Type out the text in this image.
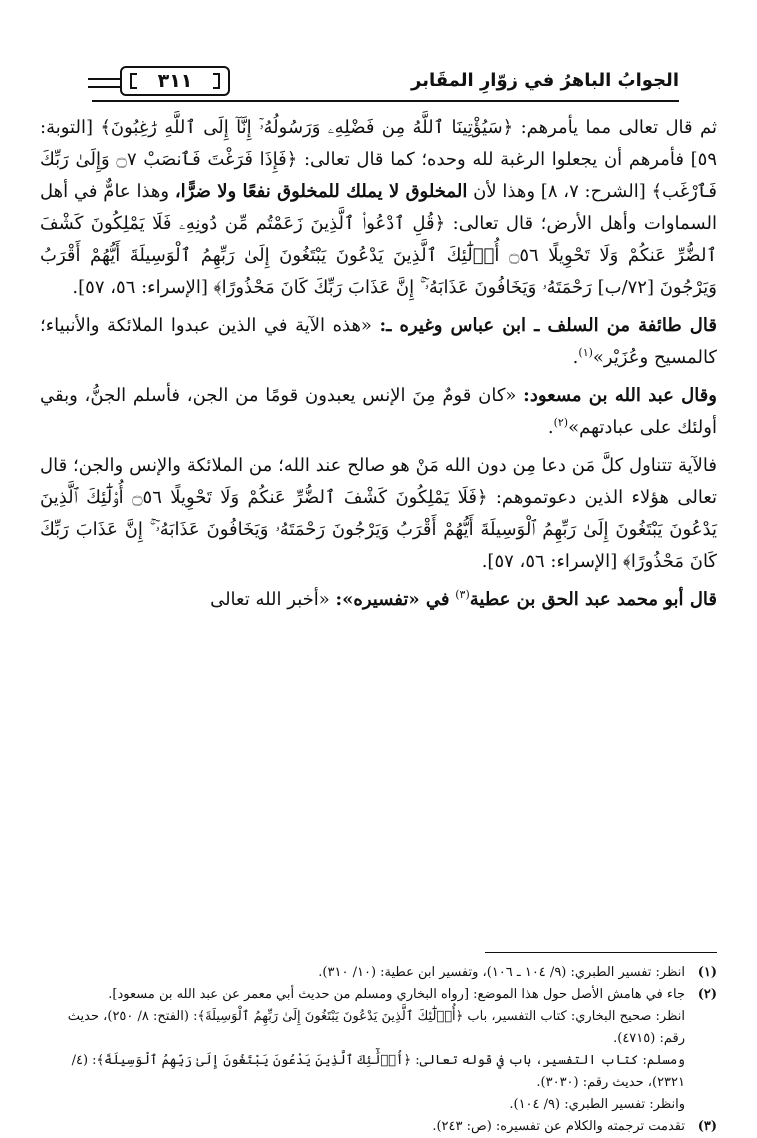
الجوابُ الباهرُ في زوّارِ المقَابر
٣١١

ثم قال تعالى مما يأمرهم: ﴿سَيُؤْتِينَا ٱللَّهُ مِن فَضْلِهِۦ وَرَسُولُهُۥٓ إِنَّآ إِلَى ٱللَّهِ رَٰغِبُونَ﴾ [التوبة: ٥٩] فأمرهم أن يجعلوا الرغبة لله وحده؛ كما قال تعالى: ﴿فَإِذَا فَرَغْتَ فَٱنصَبْ ۝٧ وَإِلَىٰ رَبِّكَ فَٱرْغَب﴾ [الشرح: ٧، ٨] وهذا لأن المخلوق لا يملك للمخلوق نفعًا ولا ضرًّا، وهذا عامٌّ في أهل السماوات وأهل الأرض؛ قال تعالى: ﴿قُلِ ٱدْعُوا۟ ٱلَّذِينَ زَعَمْتُم مِّن دُونِهِۦ فَلَا يَمْلِكُونَ كَشْفَ ٱلضُّرِّ عَنكُمْ وَلَا تَحْوِيلًا ۝٥٦ أُو۟لَٰٓئِكَ ٱلَّذِينَ يَدْعُونَ يَبْتَغُونَ إِلَىٰ رَبِّهِمُ ٱلْوَسِيلَةَ أَيُّهُمْ أَقْرَبُ وَيَرْجُونَ [٧٢/ب] رَحْمَتَهُۥ وَيَخَافُونَ عَذَابَهُۥٓ ۚ إِنَّ عَذَابَ رَبِّكَ كَانَ مَحْذُورًا﴾ [الإسراء: ٥٦، ٥٧].

قال طائفة من السلف ـ ابن عباس وغيره ـ: «هذه الآية في الذين عبدوا الملائكة والأنبياء؛ كالمسيح وعُزَيْر»$^{(١)}$.

وقال عبد الله بن مسعود: «كان قومٌ مِنَ الإنس يعبدون قومًا من الجن، فأسلم الجنُّ، وبقي أولئك على عبادتهم»$^{(٢)}$.

فالآية تتناول كلَّ مَن دعا مِن دون الله مَنْ هو صالح عند الله؛ من الملائكة والإنس والجن؛ قال تعالى هؤلاء الذين دعوتموهم: ﴿فَلَا يَمْلِكُونَ كَشْفَ ٱلضُّرِّ عَنكُمْ وَلَا تَحْوِيلًا ۝٥٦ أُو۟لَٰٓئِكَ ٱلَّذِينَ يَدْعُونَ يَبْتَغُونَ إِلَىٰ رَبِّهِمُ ٱلْوَسِيلَةَ أَيُّهُمْ أَقْرَبُ وَيَرْجُونَ رَحْمَتَهُۥ وَيَخَافُونَ عَذَابَهُۥٓ ۚ إِنَّ عَذَابَ رَبِّكَ كَانَ مَحْذُورًا﴾ [الإسراء: ٥٦، ٥٧].

قال أبو محمد عبد الحق بن عطية$^{(٣)}$ في «تفسيره»: «أخبر الله تعالى

(١)
انظر: تفسير الطبري: (٩/ ١٠٤ ـ ١٠٦)، وتفسير ابن عطية: (١٠/ ٣١٠).
(٢)
جاء في هامش الأصل حول هذا الموضع: [رواه البخاري ومسلم من حديث أبي معمر عن عبد الله بن مسعود].
انظر: صحيح البخاري: كتاب التفسير، باب ﴿أُو۟لَٰٓئِكَ ٱلَّذِينَ يَدْعُونَ يَبْتَغُونَ إِلَىٰ رَبِّهِمُ ٱلْوَسِيلَةَ﴾: (الفتح: ٨/ ٢٥٠)، حديث رقم: (٤٧١٥).
ومسلم: كتاب التفسير، باب في قوله تعالى: ﴿أُو۟لَٰٓئِكَ ٱلَّذِينَ يَدْعُونَ يَبْتَغُونَ إِلَىٰ رَبِّهِمُ ٱلْوَسِيلَةَ﴾: (٤/ ٢٣٢١)، حديث رقم: (٣٠٣٠).
وانظر: تفسير الطبري: (٩/ ١٠٤).
(٣)
تقدمت ترجمته والكلام عن تفسيره: (ص: ٢٤٣).
